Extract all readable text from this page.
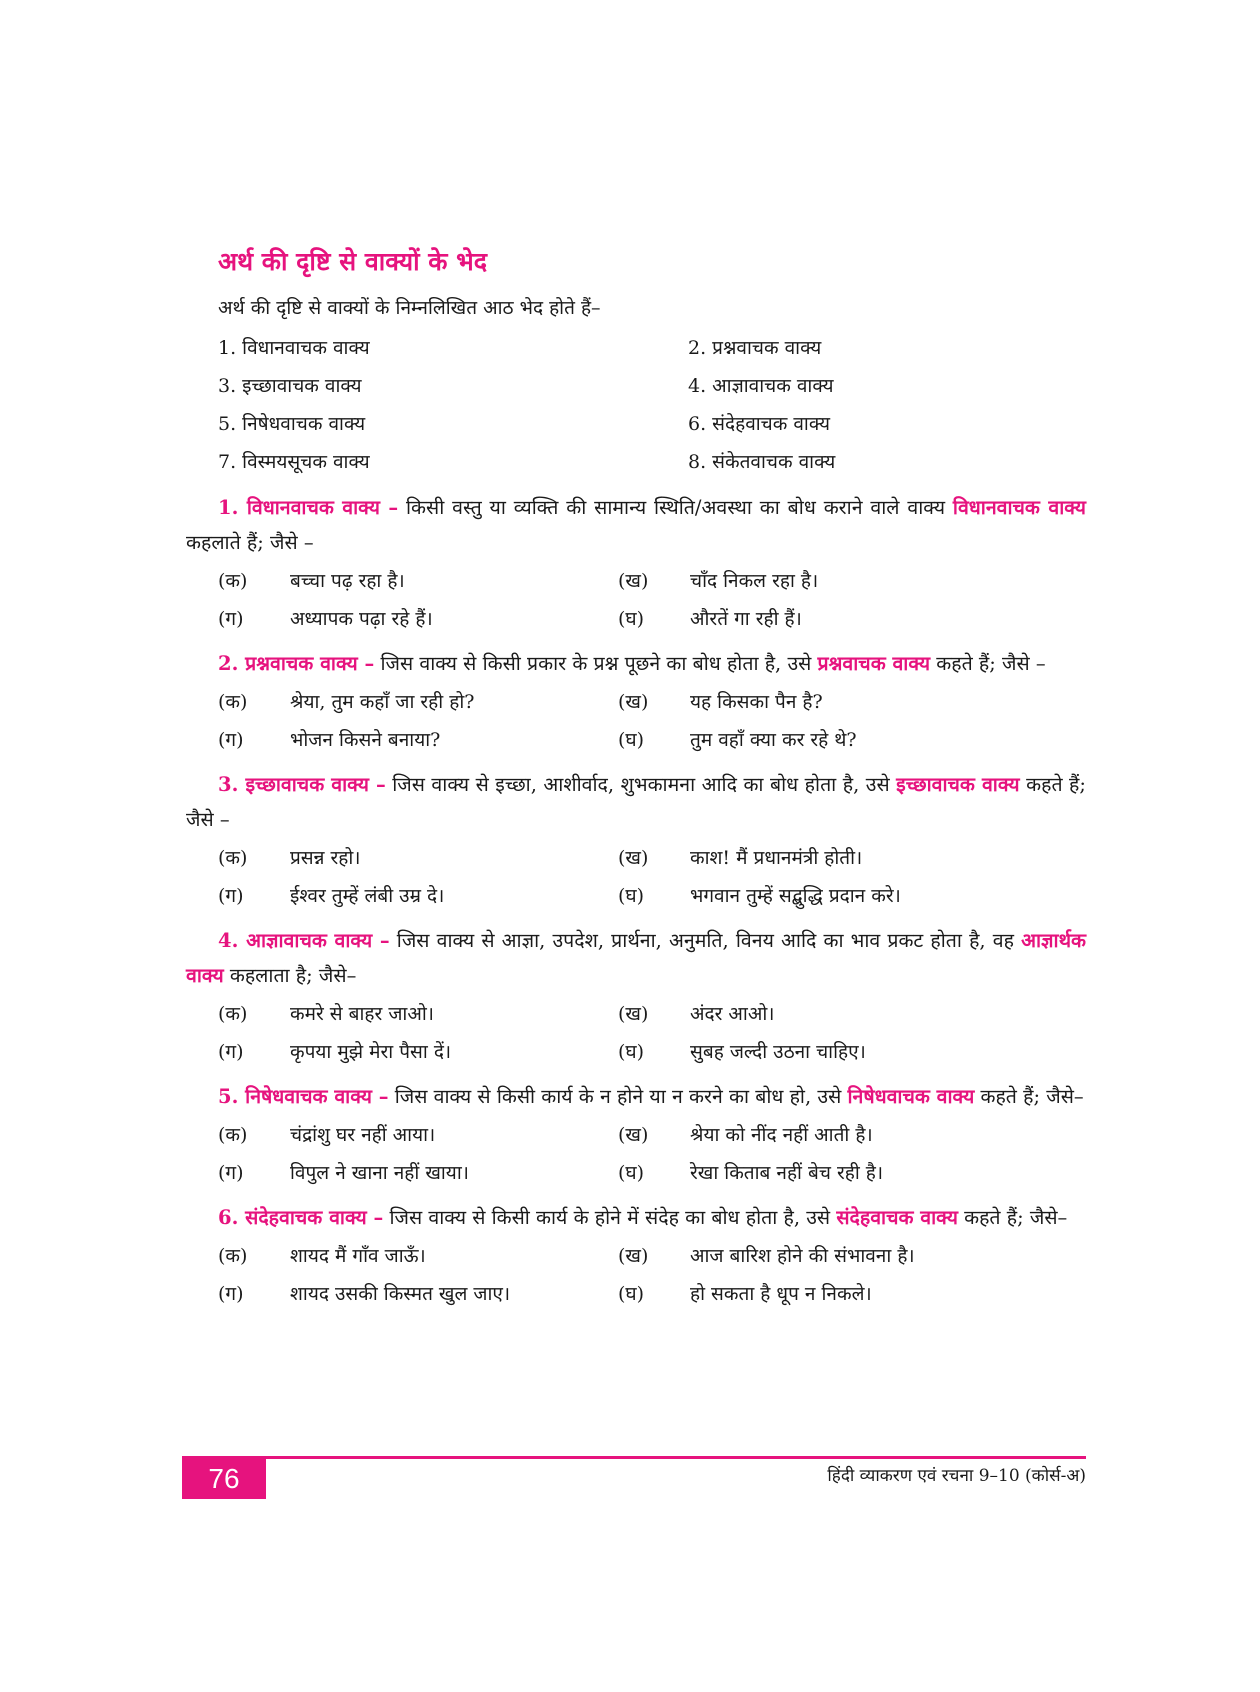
अर्थ की दृष्टि से वाक्यों के भेद
अर्थ की दृष्टि से वाक्यों के निम्नलिखित आठ भेद होते हैं–
1. विधानवाचक वाक्य	2. प्रश्नवाचक वाक्य
3. इच्छावाचक वाक्य	4. आज्ञावाचक वाक्य
5. निषेधवाचक वाक्य	6. संदेहवाचक वाक्य
7. विस्मयसूचक वाक्य	8. संकेतवाचक वाक्य

1. विधानवाचक वाक्य – किसी वस्तु या व्यक्ति की सामान्य स्थिति/अवस्था का बोध कराने वाले वाक्य विधानवाचक वाक्य कहलाते हैं; जैसे –

(क)	बच्चा पढ़ रहा है।	(ख)	चाँद निकल रहा है।
(ग)	अध्यापक पढ़ा रहे हैं।	(घ)	औरतें गा रही हैं।

2. प्रश्नवाचक वाक्य – जिस वाक्य से किसी प्रकार के प्रश्न पूछने का बोध होता है, उसे प्रश्नवाचक वाक्य कहते हैं; जैसे –

(क)	श्रेया, तुम कहाँ जा रही हो?	(ख)	यह किसका पैन है?
(ग)	भोजन किसने बनाया?	(घ)	तुम वहाँ क्या कर रहे थे?

3. इच्छावाचक वाक्य – जिस वाक्य से इच्छा, आशीर्वाद, शुभकामना आदि का बोध होता है, उसे इच्छावाचक वाक्य कहते हैं; जैसे –

(क)	प्रसन्न रहो।	(ख)	काश! मैं प्रधानमंत्री होती।
(ग)	ईश्वर तुम्हें लंबी उम्र दे।	(घ)	भगवान तुम्हें सद्बुद्धि प्रदान करे।

4. आज्ञावाचक वाक्य – जिस वाक्य से आज्ञा, उपदेश, प्रार्थना, अनुमति, विनय आदि का भाव प्रकट होता है, वह आज्ञार्थक वाक्य कहलाता है; जैसे–

(क)	कमरे से बाहर जाओ।	(ख)	अंदर आओ।
(ग)	कृपया मुझे मेरा पैसा दें।	(घ)	सुबह जल्दी उठना चाहिए।

5. निषेधवाचक वाक्य – जिस वाक्य से किसी कार्य के न होने या न करने का बोध हो, उसे निषेधवाचक वाक्य कहते हैं; जैसे–

(क)	चंद्रांशु घर नहीं आया।	(ख)	श्रेया को नींद नहीं आती है।
(ग)	विपुल ने खाना नहीं खाया।	(घ)	रेखा किताब नहीं बेच रही है।

6. संदेहवाचक वाक्य – जिस वाक्य से किसी कार्य के होने में संदेह का बोध होता है, उसे संदेहवाचक वाक्य कहते हैं; जैसे–

(क)	शायद मैं गाँव जाऊँ।	(ख)	आज बारिश होने की संभावना है।
(ग)	शायद उसकी किस्मत खुल जाए।	(घ)	हो सकता है धूप न निकले।
76	हिंदी व्याकरण एवं रचना 9–10 (कोर्स-अ)
